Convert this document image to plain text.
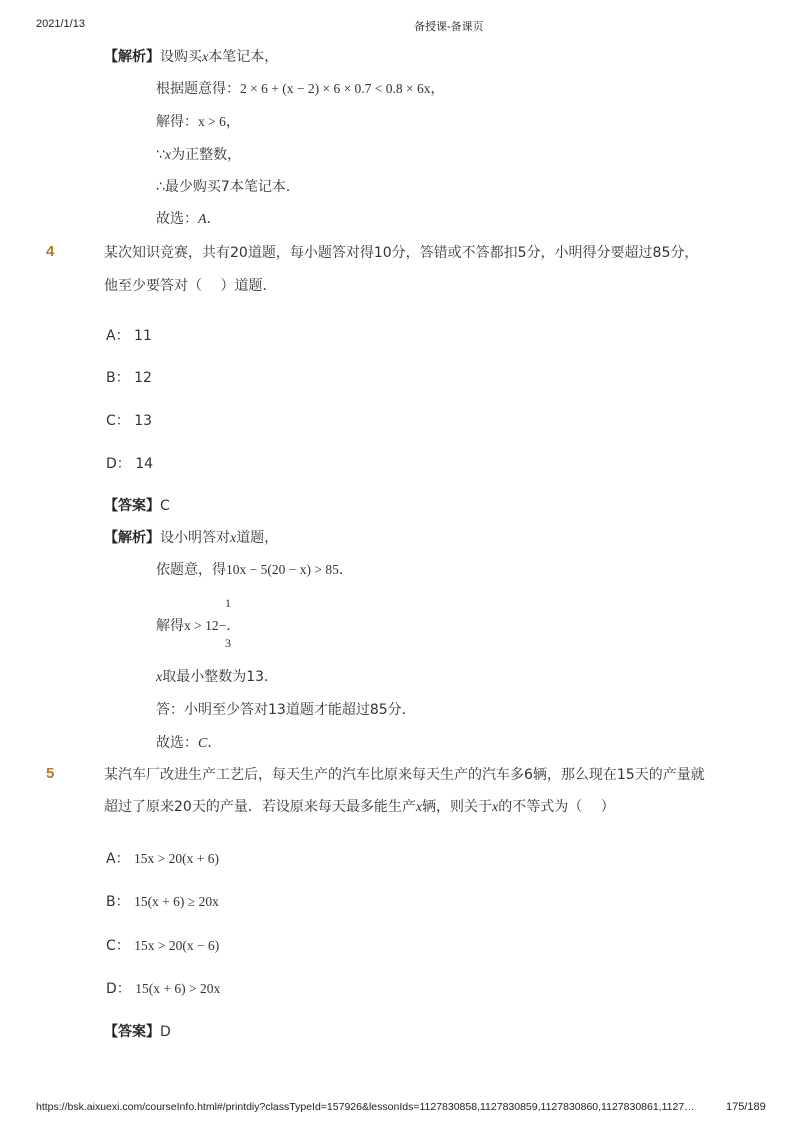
2021/1/13	备授课-备课页
【解析】设购买x本笔记本，
根据题意得：2 × 6 + (x − 2) × 6 × 0.7 < 0.8 × 6x，
解得：x > 6，
∵x为正整数，
∴最少购买7本笔记本．
故选：A．
4	某次知识竞赛，共有20道题，每小题答对得10分，答错或不答都扣5分，小明得分要超过85分，
他至少要答对（　 ）道题．
A： 11
B： 12
C： 13
D： 14
【答案】C
【解析】设小明答对x道题，
依题意，得10x − 5(20 − x) > 85．
1
解得x > 12−．
3
x取最小整数为13．
答：小明至少答对13道题才能超过85分．
故选：C．
5	某汽车厂改进生产工艺后，每天生产的汽车比原来每天生产的汽车多6辆，那么现在15天的产量就
超过了原来20天的产量．若设原来每天最多能生产x辆，则关于x的不等式为（　 ）
A： 15x > 20(x + 6)
B： 15(x + 6) ≥ 20x
C： 15x > 20(x − 6)
D： 15(x + 6) > 20x
【答案】D
https://bsk.aixuexi.com/courseInfo.html#/printdiy?classTypeId=157926&lessonIds=1127830858,1127830859,1127830860,1127830861,1127…	175/189
